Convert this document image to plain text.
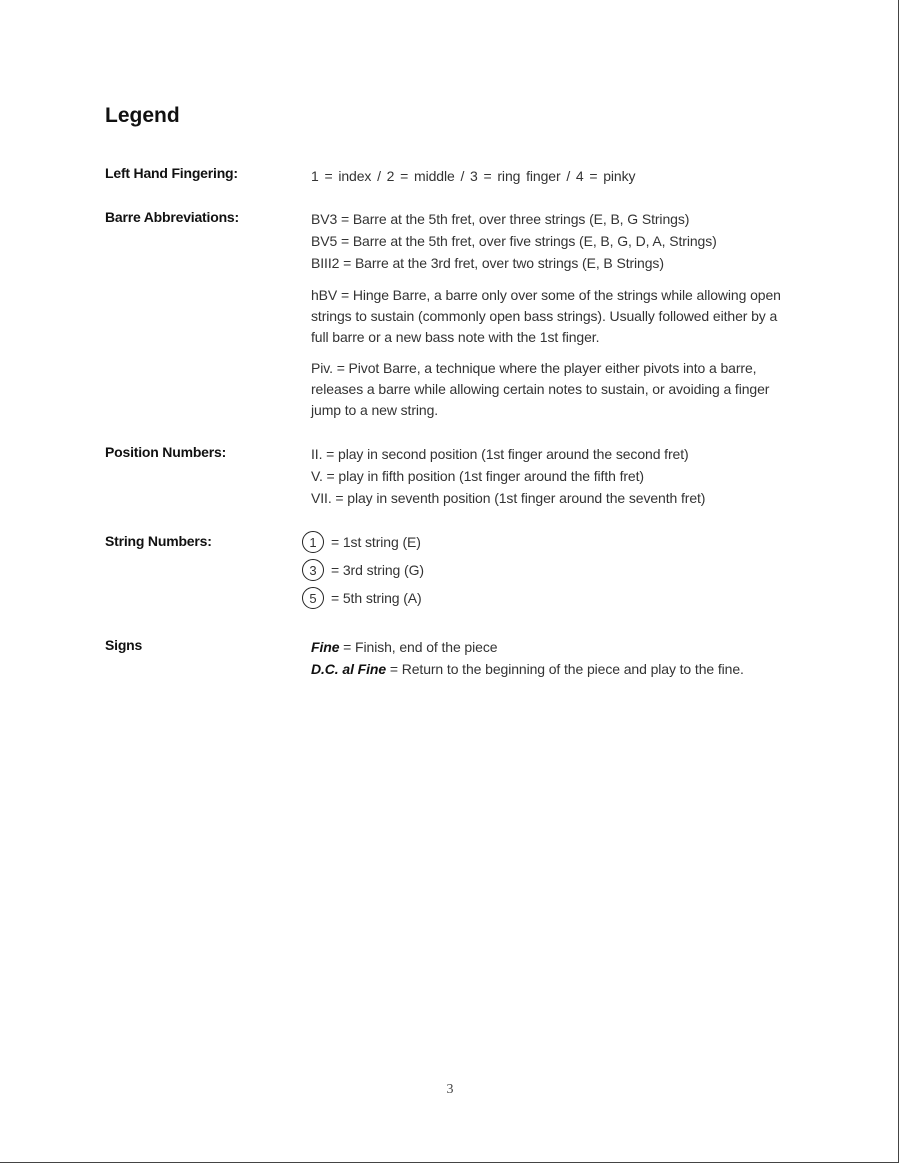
Legend
Left Hand Fingering:	1 = index / 2 = middle / 3 = ring finger / 4 = pinky
Barre Abbreviations:	BV3 = Barre at the 5th fret, over three strings (E, B, G Strings)
BV5 = Barre at the 5th fret, over five strings (E, B, G, D, A, Strings)
BIII2 = Barre at the 3rd fret, over two strings (E, B Strings)
hBV = Hinge Barre, a barre only over some of the strings while allowing open strings to sustain (commonly open bass strings). Usually followed either by a full barre or a new bass note with the 1st finger.
Piv. = Pivot Barre, a technique where the player either pivots into a barre, releases a barre while allowing certain notes to sustain, or avoiding a finger jump to a new string.
Position Numbers:	II. = play in second position (1st finger around the second fret)
V. = play in fifth position (1st finger around the fifth fret)
VII. = play in seventh position (1st finger around the seventh fret)
String Numbers:	1	= 1st string (E)
3	= 3rd string (G)
5	= 5th string (A)
Signs	Fine = Finish, end of the piece
D.C. al Fine = Return to the beginning of the piece and play to the fine.
3
